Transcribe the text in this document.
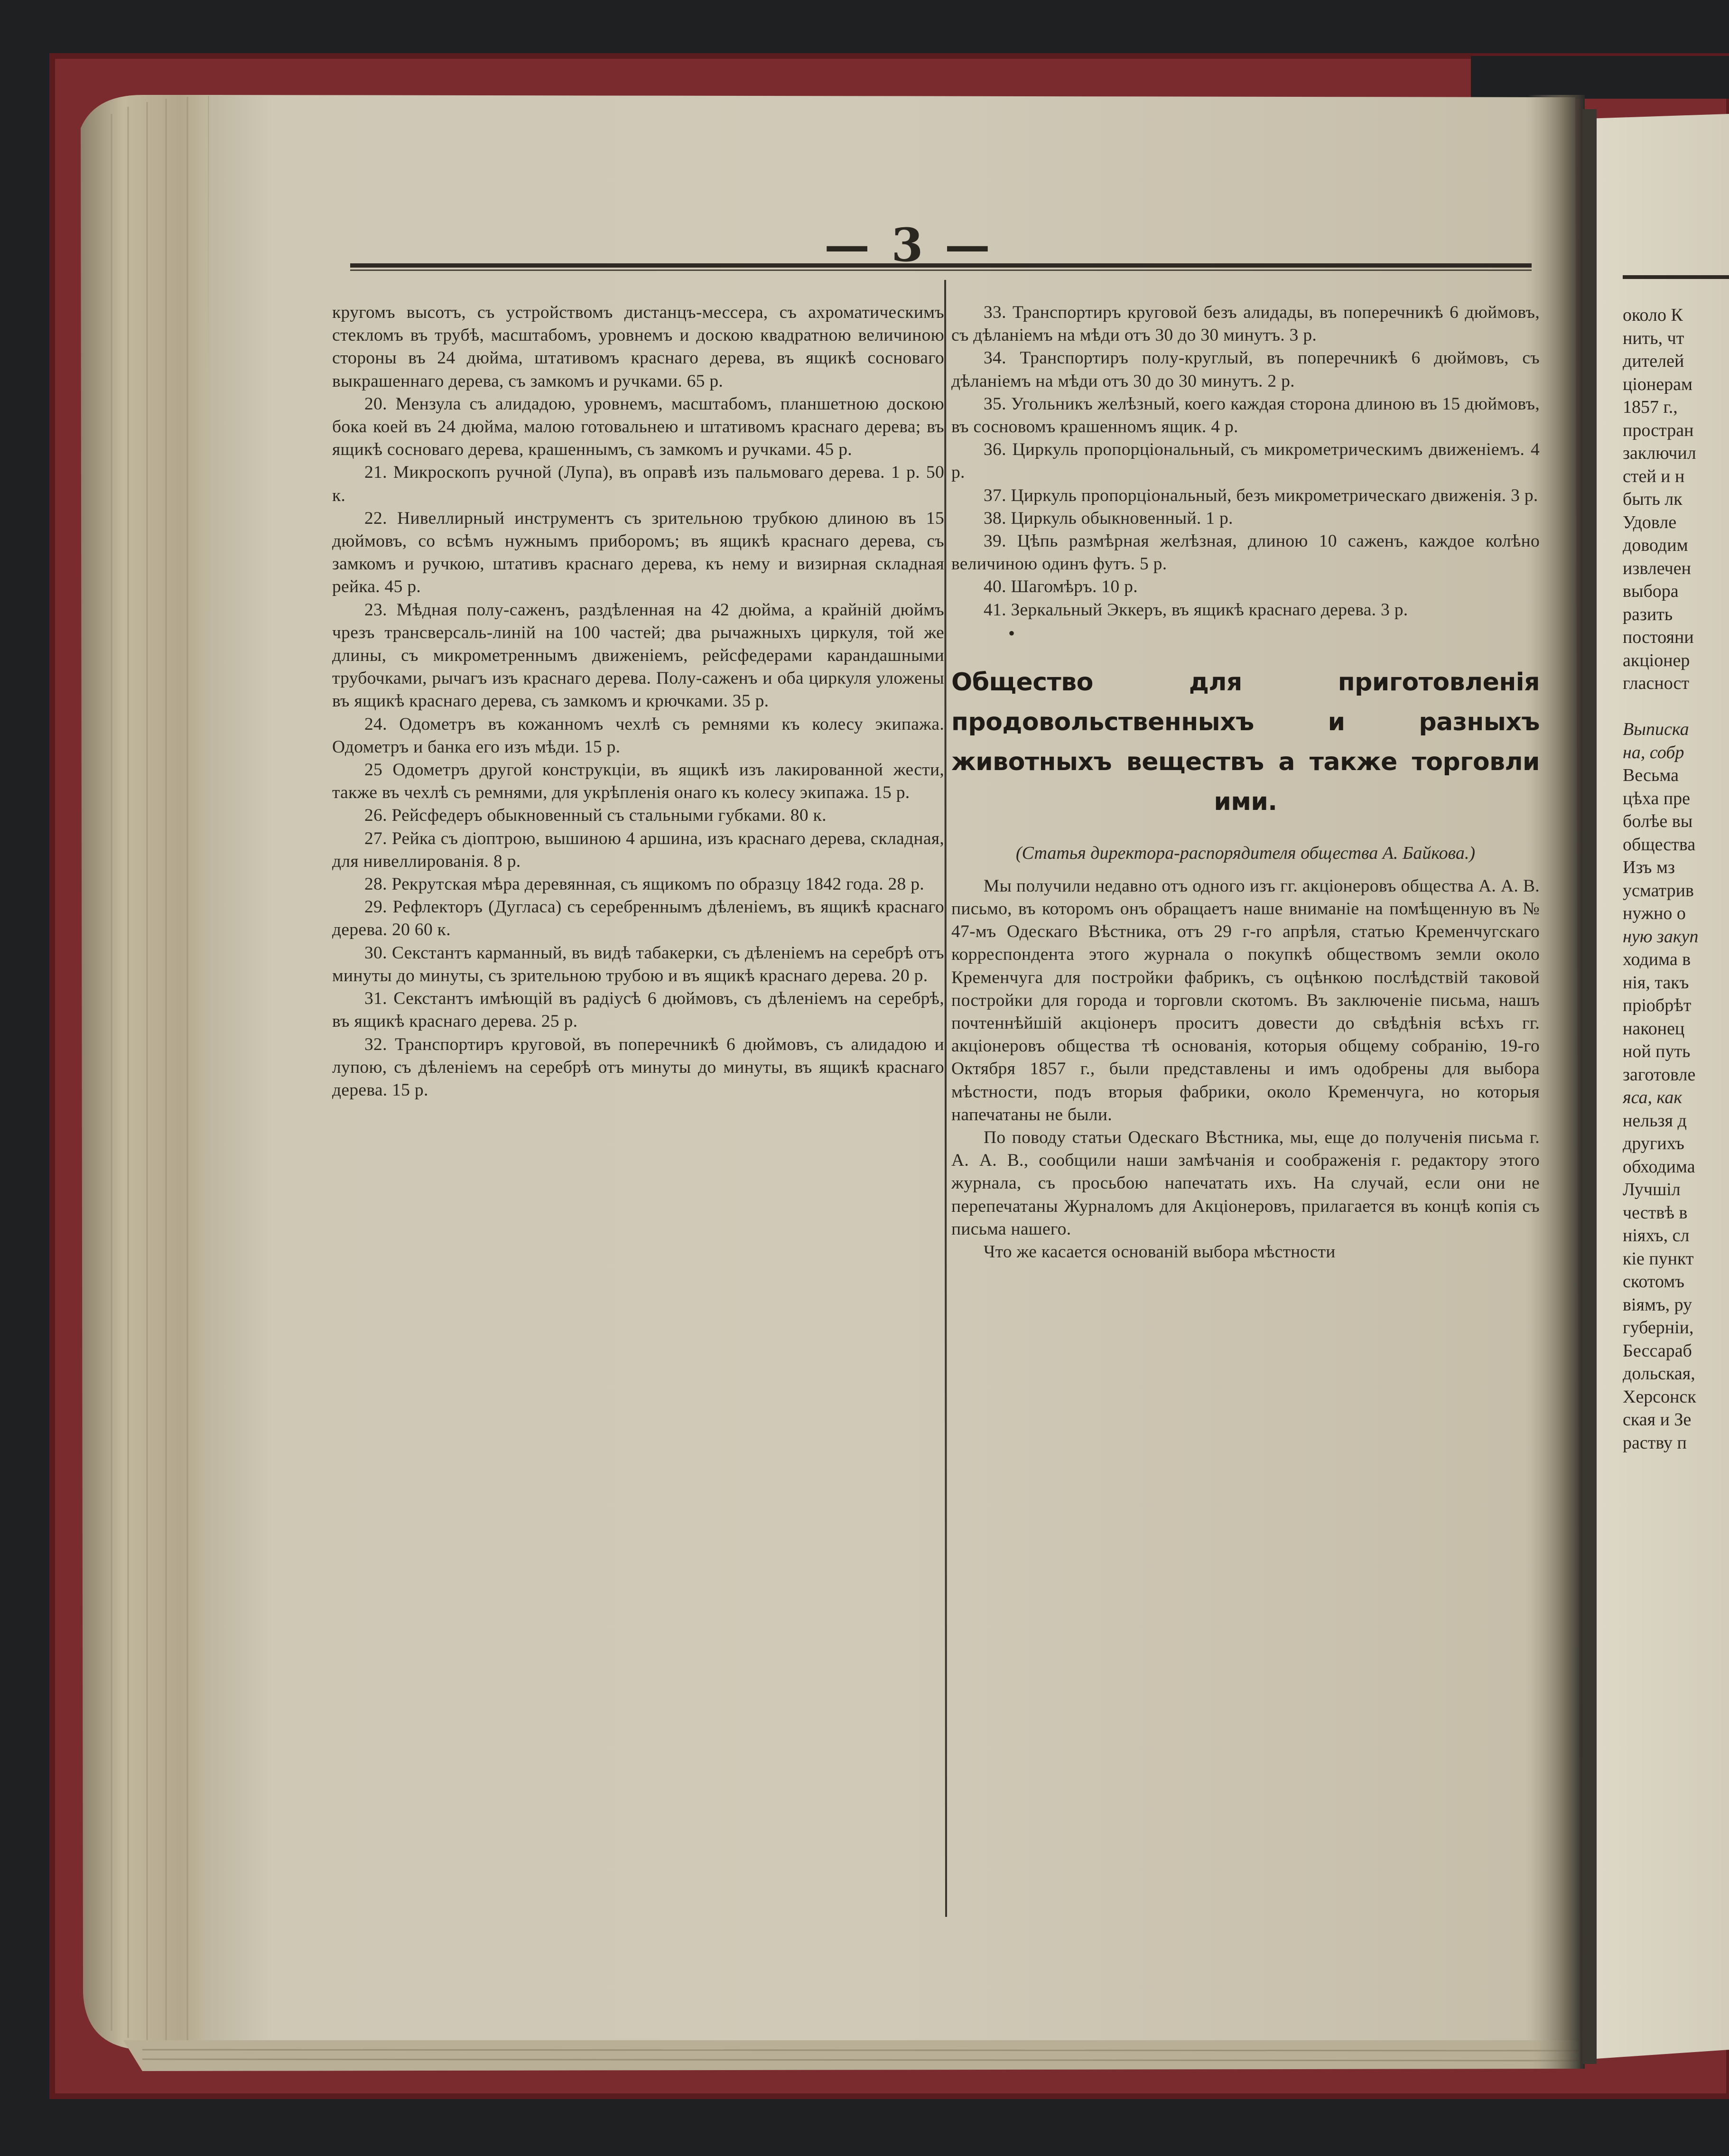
— 3 —

кругомъ высотъ, съ устройствомъ дистанцъ-мессера, съ ахроматическимъ стекломъ въ трубѣ, масштабомъ, уровнемъ и доскою квадратною величиною стороны въ 24 дюйма, штативомъ краснаго дерева, въ ящикѣ сосноваго выкрашеннаго дерева, съ замкомъ и ручками. 65 р.

20. Мензула съ алидадою, уровнемъ, масштабомъ, планшетною доскою бока коей въ 24 дюйма, малою готовальнею и штативомъ краснаго дерева; въ ящикѣ сосноваго дерева, крашеннымъ, съ замкомъ и ручками. 45 р.

21. Микроскопъ ручной (Лупа), въ оправѣ изъ пальмоваго дерева. 1 р. 50 к.

22. Нивеллирный инструментъ съ зрительною трубкою длиною въ 15 дюймовъ, со всѣмъ нужнымъ приборомъ; въ ящикѣ краснаго дерева, съ замкомъ и ручкою, штативъ краснаго дерева, къ нему и визирная складная рейка. 45 р.

23. Мѣдная полу-саженъ, раздѣленная на 42 дюйма, а крайній дюймъ чрезъ трансверсаль-линій на 100 частей; два рычажныхъ циркуля, той же длины, съ микрометреннымъ движеніемъ, рейсфедерами карандашными трубочками, рычагъ изъ краснаго дерева. Полу-саженъ и оба циркуля уложены въ ящикѣ краснаго дерева, съ замкомъ и крючками. 35 р.

24. Одометръ въ кожанномъ чехлѣ съ ремнями къ колесу экипажа. Одометръ и банка его изъ мѣди. 15 р.

25 Одометръ другой конструкціи, въ ящикѣ изъ лакированной жести, также въ чехлѣ съ ремнями, для укрѣпленія онаго къ колесу экипажа. 15 р.

26. Рейсфедеръ обыкновенный съ стальными губками. 80 к.

27. Рейка съ діоптрою, вышиною 4 аршина, изъ краснаго дерева, складная, для нивеллированія. 8 р.

28. Рекрутская мѣра деревянная, съ ящикомъ по образцу 1842 года. 28 р.

29. Рефлекторъ (Дугласа) съ серебреннымъ дѣленіемъ, въ ящикѣ краснаго дерева. 20 60 к.

30. Секстантъ карманный, въ видѣ табакерки, съ дѣленіемъ на серебрѣ отъ минуты до минуты, съ зрительною трубою и въ ящикѣ краснаго дерева. 20 р.

31. Секстантъ имѣющій въ радіусѣ 6 дюймовъ, съ дѣленіемъ на серебрѣ, въ ящикѣ краснаго дерева. 25 р.

32. Транспортиръ круговой, въ поперечникѣ 6 дюймовъ, съ алидадою и лупою, съ дѣленіемъ на серебрѣ отъ минуты до минуты, въ ящикѣ краснаго дерева. 15 р.

33. Транспортиръ круговой безъ алидады, въ поперечникѣ 6 дюймовъ, съ дѣланіемъ на мѣди отъ 30 до 30 минутъ. 3 р.

34. Транспортиръ полу-круглый, въ поперечникѣ 6 дюймовъ, съ дѣланіемъ на мѣди отъ 30 до 30 минутъ. 2 р.

35. Угольникъ желѣзный, коего каждая сторона длиною въ 15 дюймовъ, въ сосновомъ крашенномъ ящик. 4 р.

36. Циркуль пропорціональный, съ микрометрическимъ движеніемъ. 4 р.

37. Циркуль пропорціональный, безъ микрометрическаго движенія. 3 р.

38. Циркуль обыкновенный. 1 р.

39. Цѣпь размѣрная желѣзная, длиною 10 саженъ, каждое колѣно величиною одинъ футъ. 5 р.

40. Шагомѣръ. 10 р.

41. Зеркальный Эккеръ, въ ящикѣ краснаго дерева. 3 р.

•

Общество для приготовленія продовольственныхъ и разныхъ животныхъ веществъ а также торговли ими.

(Статья директора-распорядителя общества А. Байкова.)

Мы получили недавно отъ одного изъ гг. акціонеровъ общества А. А. В. письмо, въ которомъ онъ обращаетъ наше вниманіе на помѣщенную въ № 47-мъ Одескаго Вѣстника, отъ 29 г-го апрѣля, статью Кременчугскаго корреспондента этого журнала о покупкѣ обществомъ земли около Кременчуга для постройки фабрикъ, съ оцѣнкою послѣдствій таковой постройки для города и торговли скотомъ. Въ заключеніе письма, нашъ почтеннѣйшій акціонеръ проситъ довести до свѣдѣнія всѣхъ гг. акціонеровъ общества тѣ основанія, которыя общему собранію, 19-го Октября 1857 г., были представлены и имъ одобрены для выбора мѣстности, подъ вторыя фабрики, около Кременчуга, но которыя напечатаны не были.

По поводу статьи Одескаго Вѣстника, мы, еще до полученія письма г. А. А. В., сообщили наши замѣчанія и соображенія г. редактору этого журнала, съ просьбою напечатать ихъ. На случай, если они не перепечатаны Журналомъ для Акціонеровъ, прилагается въ концѣ копія съ письма нашего.

Что же касается основаній выбора мѣстности

около К
нить, чт
дителей
ціонерам
1857 г.,
простран
заключил
стей и н
быть лк
Удовле
доводим
извлечен
выбора
разить
постояни
акціонер
гласност

Выписка
на, собр
Весьма
цѣха пре
болѣе вы
общества
Изъ мз
усматрив
нужно о
ную закуп
ходима в
нія, такъ
пріобрѣт
наконец
ной путь
заготовле
яса, как
нельзя д
другихъ
обходима
Лучшіл
чествѣ в
ніяхъ, сл
кіе пункт
скотомъ
віямъ, ру
губерніи,
Бессараб
дольская,
Херсонск
ская и Зе
раству п
